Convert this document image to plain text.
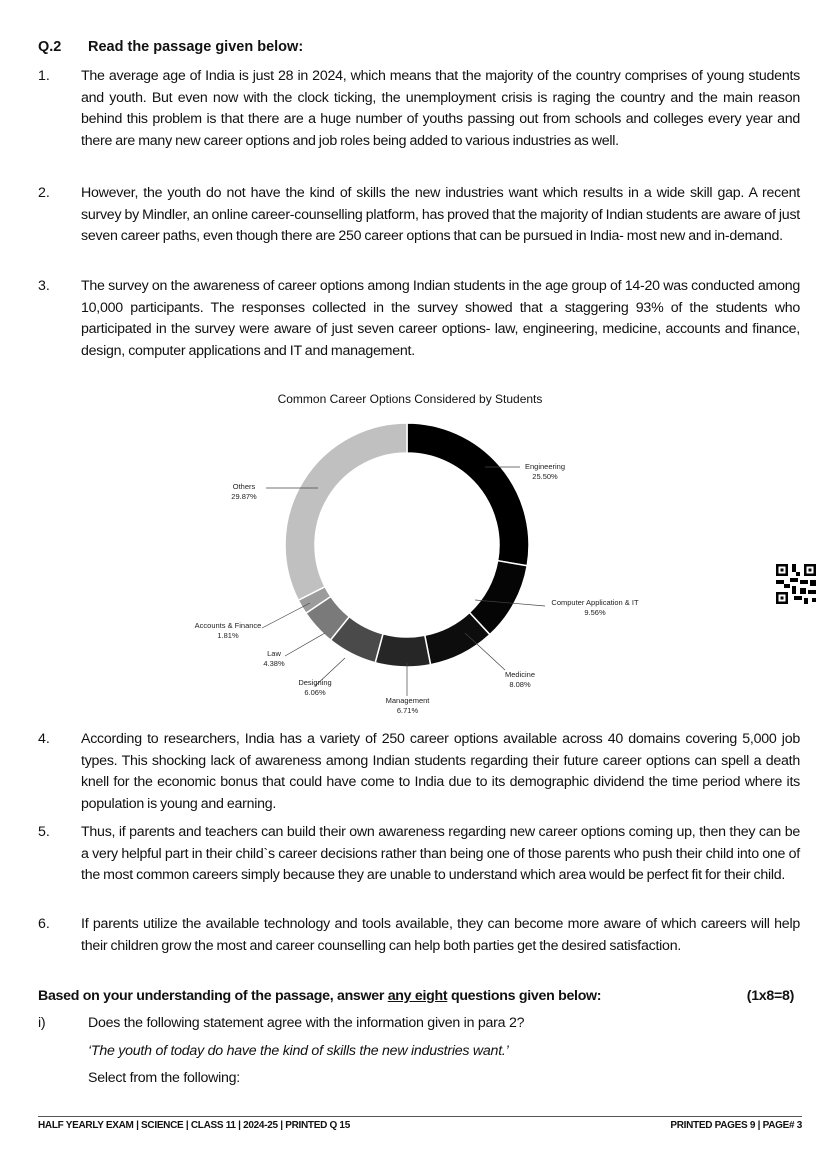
Q.2 Read the passage given below:
1.	The average age of India is just 28 in 2024, which means that the majority of the country comprises of young students and youth. But even now with the clock ticking, the unemployment crisis is raging the country and the main reason behind this problem is that there are a huge number of youths passing out from schools and colleges every year and there are many new career options and job roles being added to various industries as well.
2.	However, the youth do not have the kind of skills the new industries want which results in a wide skill gap. A recent survey by Mindler, an online career-counselling platform, has proved that the majority of Indian students are aware of just seven career paths, even though there are 250 career options that can be pursued in India- most new and in-demand.
3.	The survey on the awareness of career options among Indian students in the age group of 14-20 was conducted among 10,000 participants. The responses collected in the survey showed that a staggering 93% of the students who participated in the survey were aware of just seven career options- law, engineering, medicine, accounts and finance, design, computer applications and IT and management.
Common Career Options Considered by Students
Engineering
25.50%
Computer Application & IT
9.56%
Medicine
8.08%
Management
6.71%
Designing
6.06%
Law
4.38%
Accounts & Finance
1.81%
Others
29.87%
4.	According to researchers, India has a variety of 250 career options available across 40 domains covering 5,000 job types. This shocking lack of awareness among Indian students regarding their future career options can spell a death knell for the economic bonus that could have come to India due to its demographic dividend the time period where its population is young and earning.
5.	Thus, if parents and teachers can build their own awareness regarding new career options coming up, then they can be a very helpful part in their child`s career decisions rather than being one of those parents who push their child into one of the most common careers simply because they are unable to understand which area would be perfect fit for their child.
6.	If parents utilize the available technology and tools available, they can become more aware of which careers will help their children grow the most and career counselling can help both parties get the desired satisfaction.
Based on your understanding of the passage, answer any eight questions given below:	(1x8=8)
i)	Does the following statement agree with the information given in para 2?
‘The youth of today do have the kind of skills the new industries want.’
Select from the following:
HALF YEARLY EXAM | SCIENCE | CLASS 11 | 2024-25 | PRINTED Q 15	PRINTED PAGES 9 | PAGE# 3
